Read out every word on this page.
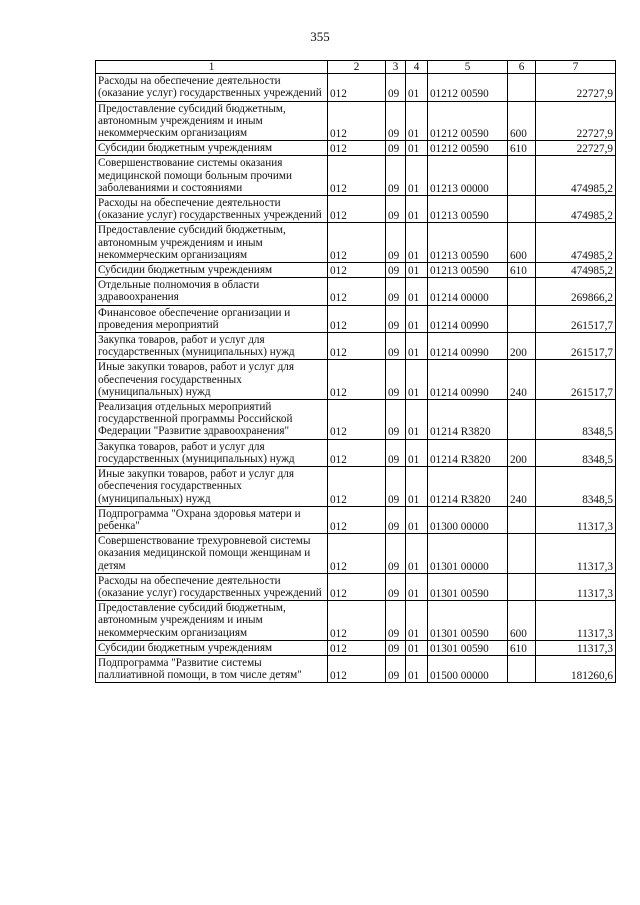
355
1	2	3	4	5	6	7
Расходы на обеспечение деятельности (оказание услуг) государственных учреждений	012	09	01	01212 00590		22727,9
Предоставление субсидий бюджетным, автономным учреждениям и иным некоммерческим организациям	012	09	01	01212 00590	600	22727,9
Субсидии бюджетным учреждениям	012	09	01	01212 00590	610	22727,9
Совершенствование системы оказания медицинской помощи больным прочими заболеваниями и состояниями	012	09	01	01213 00000		474985,2
Расходы на обеспечение деятельности (оказание услуг) государственных учреждений	012	09	01	01213 00590		474985,2
Предоставление субсидий бюджетным, автономным учреждениям и иным некоммерческим организациям	012	09	01	01213 00590	600	474985,2
Субсидии бюджетным учреждениям	012	09	01	01213 00590	610	474985,2
Отдельные полномочия в области здравоохранения	012	09	01	01214 00000		269866,2
Финансовое обеспечение организации и проведения мероприятий	012	09	01	01214 00990		261517,7
Закупка товаров, работ и услуг для государственных (муниципальных) нужд	012	09	01	01214 00990	200	261517,7
Иные закупки товаров, работ и услуг для обеспечения государственных (муниципальных) нужд	012	09	01	01214 00990	240	261517,7
Реализация отдельных мероприятий государственной программы Российской Федерации "Развитие здравоохранения"	012	09	01	01214 R3820		8348,5
Закупка товаров, работ и услуг для государственных (муниципальных) нужд	012	09	01	01214 R3820	200	8348,5
Иные закупки товаров, работ и услуг для обеспечения государственных (муниципальных) нужд	012	09	01	01214 R3820	240	8348,5
Подпрограмма "Охрана здоровья матери и ребенка"	012	09	01	01300 00000		11317,3
Совершенствование трехуровневой системы оказания медицинской помощи женщинам и детям	012	09	01	01301 00000		11317,3
Расходы на обеспечение деятельности (оказание услуг) государственных учреждений	012	09	01	01301 00590		11317,3
Предоставление субсидий бюджетным, автономным учреждениям и иным некоммерческим организациям	012	09	01	01301 00590	600	11317,3
Субсидии бюджетным учреждениям	012	09	01	01301 00590	610	11317,3
Подпрограмма "Развитие системы паллиативной помощи, в том числе детям"	012	09	01	01500 00000		181260,6
